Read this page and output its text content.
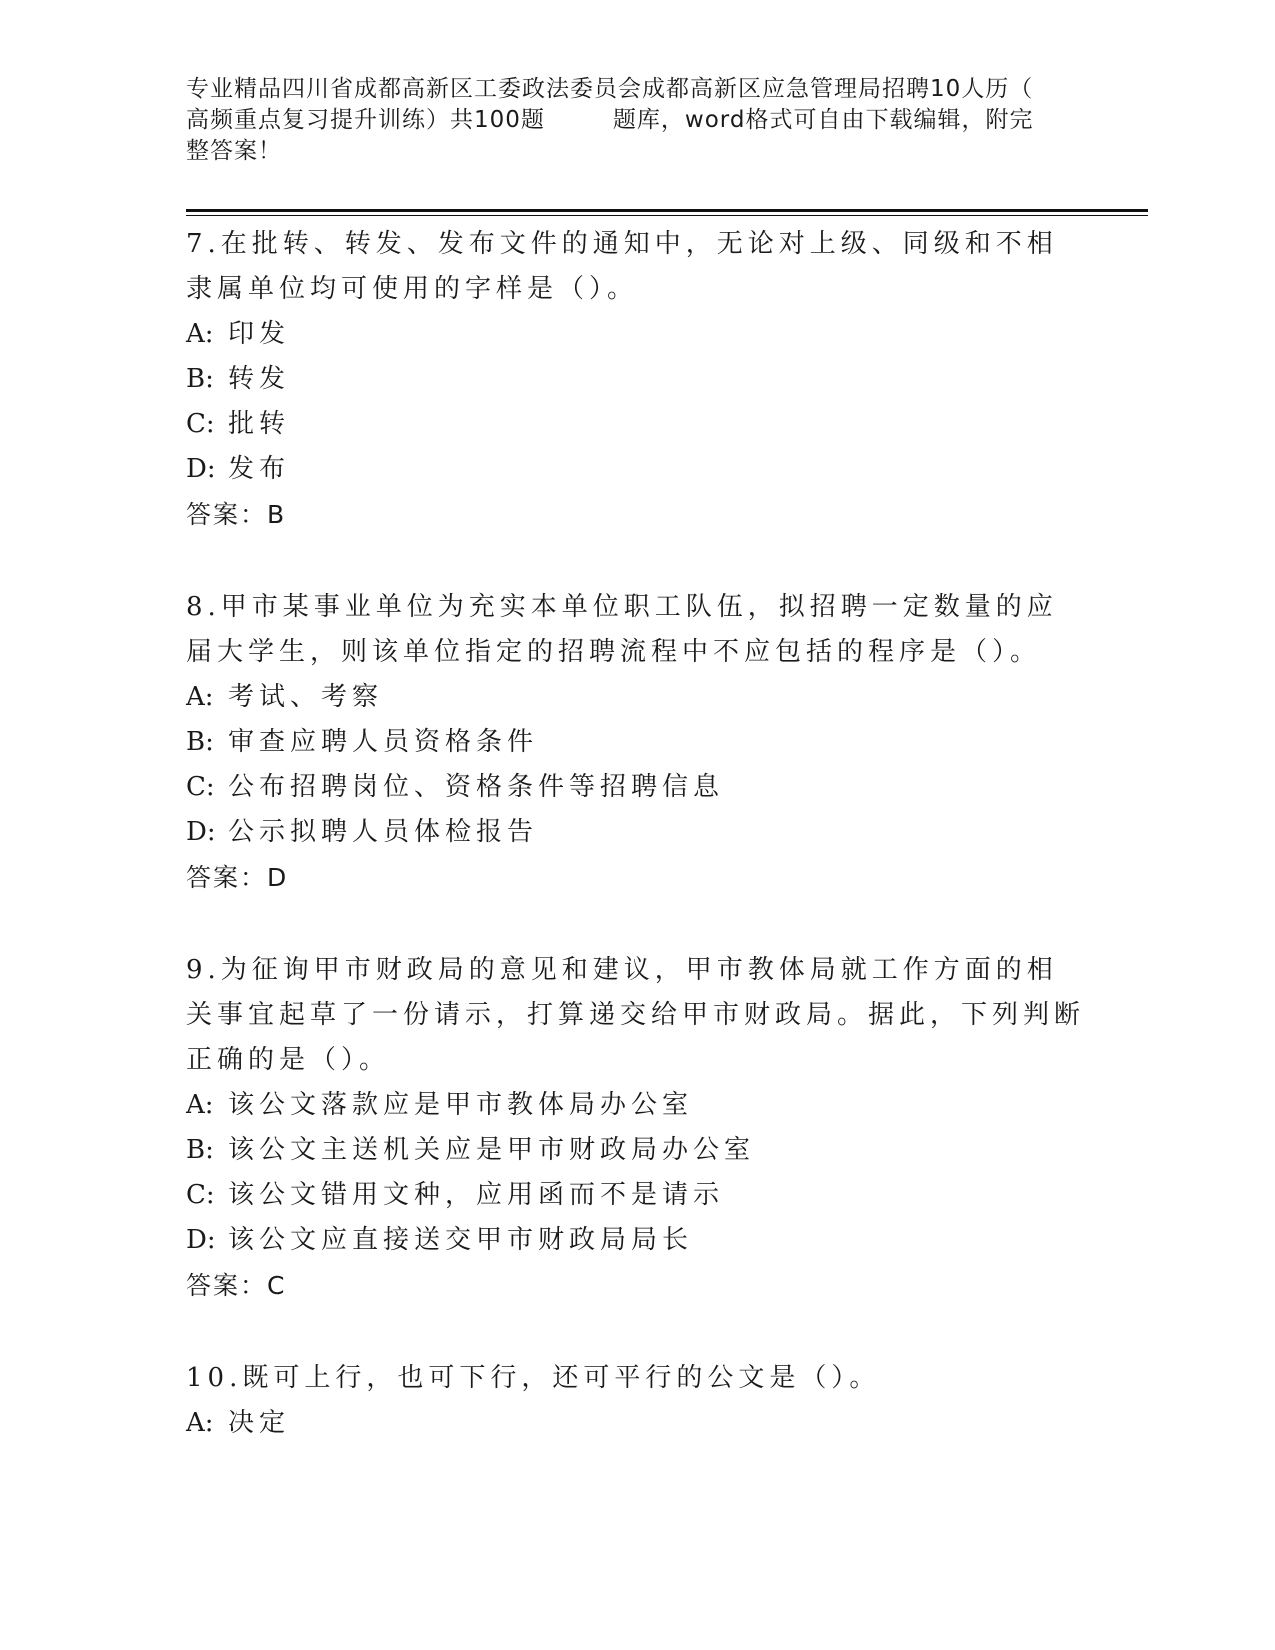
专业精品四川省成都高新区工委政法委员会成都高新区应急管理局招聘10人历（
高频重点复习提升训练）共100题	题库，word格式可自由下载编辑，附完
整答案！

7.在批转、转发、发布文件的通知中，无论对上级、同级和不相隶属单位均可使用的字样是（）。

A: 印发

B: 转发

C: 批转

D: 发布

答案：B

8.甲市某事业单位为充实本单位职工队伍，拟招聘一定数量的应届大学生，则该单位指定的招聘流程中不应包括的程序是（）。

A: 考试、考察

B: 审查应聘人员资格条件

C: 公布招聘岗位、资格条件等招聘信息

D: 公示拟聘人员体检报告

答案：D

9.为征询甲市财政局的意见和建议，甲市教体局就工作方面的相关事宜起草了一份请示，打算递交给甲市财政局。据此，下列判断正确的是（）。

A: 该公文落款应是甲市教体局办公室

B: 该公文主送机关应是甲市财政局办公室

C: 该公文错用文种，应用函而不是请示

D: 该公文应直接送交甲市财政局局长

答案：C

10.既可上行，也可下行，还可平行的公文是（）。

A: 决定
